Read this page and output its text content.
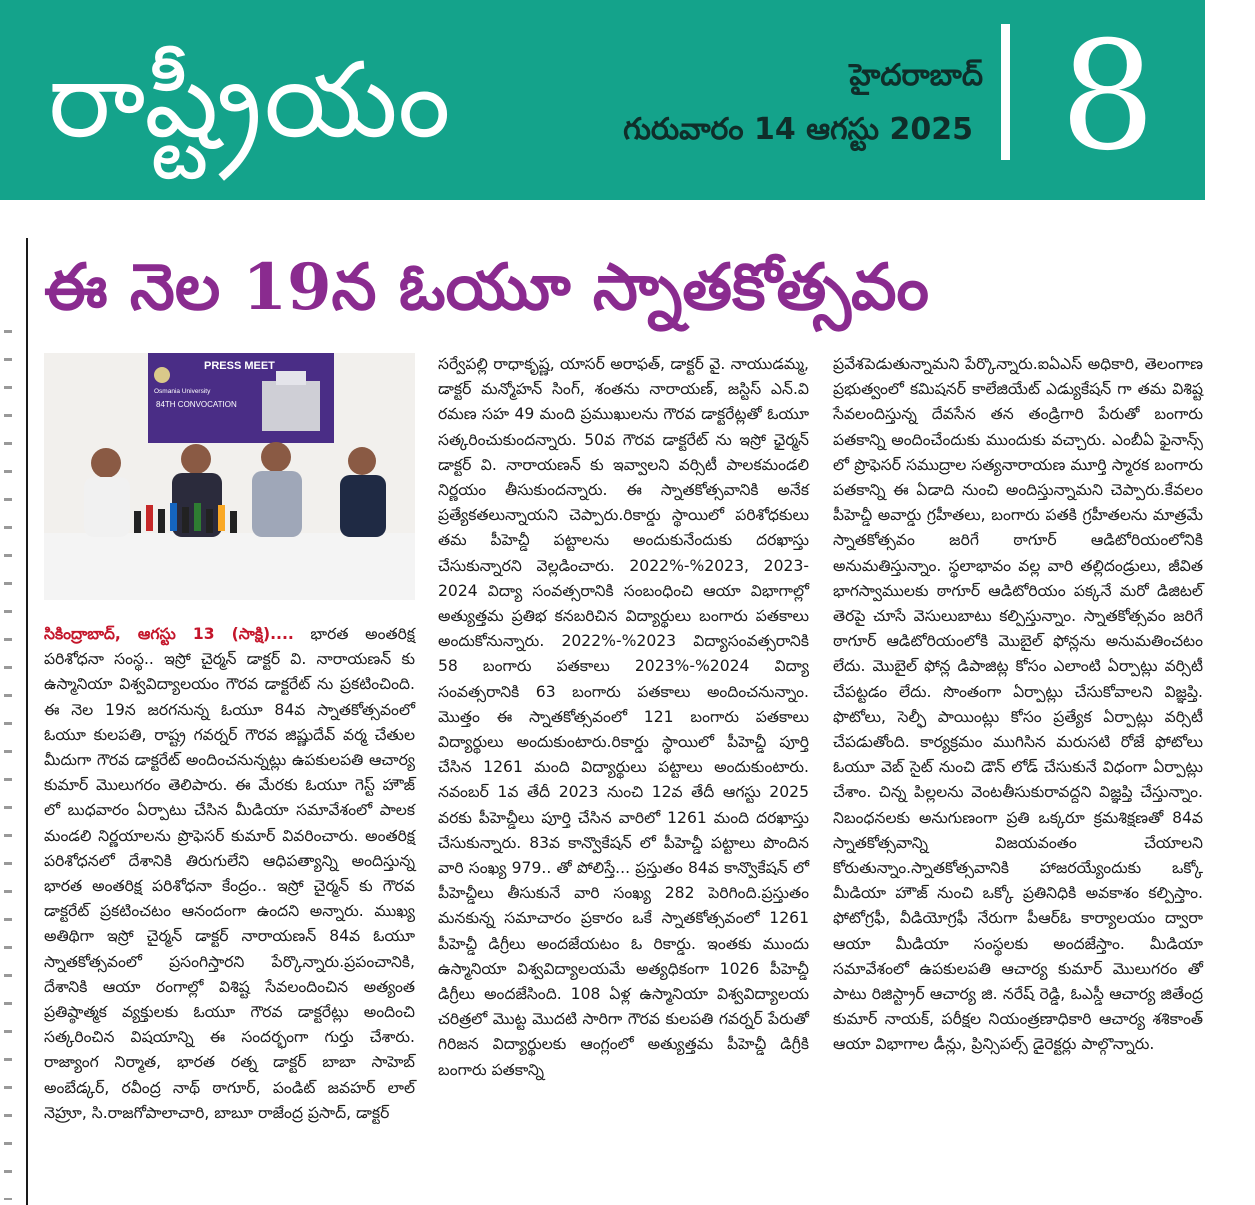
రాష్ట్రీయం	హైదరాబాద్
గురువారం 14 ఆగస్టు 2025 8
ఈ నెల 19న ఓయూ స్నాతకోత్సవం
PRESS MEET
Osmania University
84TH CONVOCATION

సికింద్రాబాద్, ఆగస్టు 13 (సాక్షి).... భారత అంతరిక్ష పరిశోధనా సంస్థ.. ఇస్రో చైర్మన్ డాక్టర్ వి. నారాయణన్ కు ఉస్మానియా విశ్వవిద్యాలయం గౌరవ డాక్టరేట్ ను ప్రకటించింది. ఈ నెల 19న జరగనున్న ఓయూ 84వ స్నాతకోత్సవంలో ఓయూ కులపతి, రాష్ట్ర గవర్నర్ గౌరవ జిష్ణుదేవ్ వర్మ చేతుల మీదుగా గౌరవ డాక్టరేట్ అందించనున్నట్లు ఉపకులపతి ఆచార్య కుమార్ మొలుగరం తెలిపారు. ఈ మేరకు ఓయూ గెస్ట్ హౌజ్ లో బుధవారం ఏర్పాటు చేసిన మీడియా సమావేశంలో పాలక మండలి నిర్ణయాలను ప్రొఫెసర్ కుమార్ వివరించారు. అంతరిక్ష పరిశోధనలో దేశానికి తిరుగులేని ఆధిపత్యాన్ని అందిస్తున్న భారత అంతరిక్ష పరిశోధనా కేంద్రం.. ఇస్రో చైర్మన్ కు గౌరవ డాక్టరేట్ ప్రకటించటం ఆనందంగా ఉందని అన్నారు. ముఖ్య అతిథిగా ఇస్రో చైర్మన్ డాక్టర్ నారాయణన్ 84వ ఓయూ స్నాతకోత్సవంలో ప్రసంగిస్తారని పేర్కొన్నారు.ప్రపంచానికి, దేశానికి ఆయా రంగాల్లో విశిష్ట సేవలందించిన అత్యంత ప్రతిష్ఠాత్మక వ్యక్తులకు ఓయూ గౌరవ డాక్టరేట్లు అందించి సత్కరించిన విషయాన్ని ఈ సందర్భంగా గుర్తు చేశారు. రాజ్యాంగ నిర్మాత, భారత రత్న డాక్టర్ బాబా సాహెబ్ అంబేడ్కర్, రవీంద్ర నాథ్ ఠాగూర్, పండిట్ జవహర్ లాల్ నెహ్రూ, సి.రాజగోపాలాచారి, బాబూ రాజేంద్ర ప్రసాద్, డాక్టర్

సర్వేపల్లి రాధాకృష్ణ, యాసర్ అరాఫత్, డాక్టర్ వై. నాయుడమ్మ, డాక్టర్ మన్మోహన్ సింగ్, శంతను నారాయణ్, జస్టిస్ ఎన్.వి రమణ సహ 49 మంది ప్రముఖులను గౌరవ డాక్టరేట్లతో ఓయూ సత్కరించుకుందన్నారు. 50వ గౌరవ డాక్టరేట్ ను ఇస్రో ఛైర్మన్ డాక్టర్ వి. నారాయణన్ కు ఇవ్వాలని వర్సిటీ పాలకమండలి నిర్ణయం తీసుకుందన్నారు. ఈ స్నాతకోత్సవానికి అనేక ప్రత్యేకతలున్నాయని చెప్పారు.రికార్డు స్థాయిలో పరిశోధకులు తమ పీహెచ్డీ పట్టాలను అందుకునేందుకు దరఖాస్తు చేసుకున్నారని వెల్లడించారు. 2022%-%2023, 2023-2024 విద్యా సంవత్సరానికి సంబంధించి ఆయా విభాగాల్లో అత్యుత్తమ ప్రతిభ కనబరిచిన విద్యార్థులు బంగారు పతకాలు అందుకోనున్నారు. 2022%-%2023 విద్యాసంవత్సరానికి 58 బంగారు పతకాలు 2023%-%2024 విద్యా సంవత్సరానికి 63 బంగారు పతకాలు అందించనున్నాం. మొత్తం ఈ స్నాతకోత్సవంలో 121 బంగారు పతకాలు విద్యార్థులు అందుకుంటారు.రికార్డు స్థాయిలో పీహెచ్డీ పూర్తి చేసిన 1261 మంది విద్యార్థులు పట్టాలు అందుకుంటారు. నవంబర్ 1వ తేదీ 2023 నుంచి 12వ తేదీ ఆగస్టు 2025 వరకు పీహెచ్డీలు పూర్తి చేసిన వారిలో 1261 మంది దరఖాస్తు చేసుకున్నారు. 83వ కాన్వొకేషన్ లో పీహెచ్డీ పట్టాలు పొందిన వారి సంఖ్య 979.. తో పోలిస్తే... ప్రస్తుతం 84వ కాన్వొకేషన్ లో పీహెచ్డీలు తీసుకునే వారి సంఖ్య 282 పెరిగింది.ప్రస్తుతం మనకున్న సమాచారం ప్రకారం ఒకే స్నాతకోత్సవంలో 1261 పీహెచ్డీ డిగ్రీలు అందజేయటం ఓ రికార్డు. ఇంతకు ముందు ఉస్మానియా విశ్వవిద్యాలయమే అత్యధికంగా 1026 పీహెచ్డీ డిగ్రీలు అందజేసింది. 108 ఏళ్ల ఉస్మానియా విశ్వవిద్యాలయ చరిత్రలో మొట్ట మొదటి సారిగా గౌరవ కులపతి గవర్నర్ పేరుతో గిరిజన విద్యార్థులకు ఆంగ్లంలో అత్యుత్తమ పీహెచ్డీ డిగ్రీకి బంగారు పతకాన్ని

ప్రవేశపెడుతున్నామని పేర్కొన్నారు.ఐఏఎస్ అధికారి, తెలంగాణ ప్రభుత్వంలో కమిషనర్ కాలేజియేట్ ఎడ్యుకేషన్ గా తమ విశిష్ట సేవలందిస్తున్న దేవసేన తన తండ్రిగారి పేరుతో బంగారు పతకాన్ని అందించేందుకు ముందుకు వచ్చారు. ఎంబీఏ ఫైనాన్స్ లో ప్రొఫెసర్ సముద్రాల సత్యనారాయణ మూర్తి స్మారక బంగారు పతకాన్ని ఈ ఏడాది నుంచి అందిస్తున్నామని చెప్పారు.కేవలం పీహెచ్డీ అవార్డు గ్రహీతలు, బంగారు పతకి గ్రహీతలను మాత్రమే స్నాతకోత్సవం జరిగే ఠాగూర్ ఆడిటోరియంలోనికి అనుమతిస్తున్నాం. స్థలాభావం వల్ల వారి తల్లిదండ్రులు, జీవిత భాగస్వాములకు ఠాగూర్ ఆడిటోరియం పక్కనే మరో డిజిటల్ తెరపై చూసే వెసులుబాటు కల్పిస్తున్నాం. స్నాతకోత్సవం జరిగే ఠాగూర్ ఆడిటోరియంలోకి మొబైల్ ఫోన్లను అనుమతించటం లేదు. మొబైల్ ఫోన్ల డిపాజిట్ల కోసం ఎలాంటి ఏర్పాట్లు వర్సిటీ చేపట్టడం లేదు. సొంతంగా ఏర్పాట్లు చేసుకోవాలని విజ్ఞప్తి. ఫొటోలు, సెల్ఫీ పాయింట్లు కోసం ప్రత్యేక ఏర్పాట్లు వర్సిటీ చేపడుతోంది. కార్యక్రమం ముగిసిన మరుసటి రోజే ఫోటోలు ఓయూ వెబ్ సైట్ నుంచి డౌన్ లోడ్ చేసుకునే విధంగా ఏర్పాట్లు చేశాం. చిన్న పిల్లలను వెంటతీసుకురావద్దని విజ్ఞప్తి చేస్తున్నాం. నిబంధనలకు అనుగుణంగా ప్రతి ఒక్కరూ క్రమశిక్షణతో 84వ స్నాతకోత్సవాన్ని విజయవంతం చేయాలని కోరుతున్నాం.స్నాతకోత్సవానికి హాజరయ్యేందుకు ఒక్కో మీడియా హౌజ్ నుంచి ఒక్కో ప్రతినిధికి అవకాశం కల్పిస్తాం. ఫోటోగ్రఫీ, వీడియోగ్రఫీ నేరుగా పీఆర్ఓ కార్యాలయం ద్వారా ఆయా మీడియా సంస్థలకు అందజేస్తాం. మీడియా సమావేశంలో ఉపకులపతి ఆచార్య కుమార్ మొలుగరం తో పాటు రిజిస్ట్రార్ ఆచార్య జి. నరేష్ రెడ్డి, ఓఎస్డీ ఆచార్య జితేంద్ర కుమార్ నాయక్, పరీక్షల నియంత్రణాధికారి ఆచార్య శశికాంత్ ఆయా విభాగాల డీన్లు, ప్రిన్సిపల్స్ డైరెక్టర్లు పాల్గొన్నారు.
